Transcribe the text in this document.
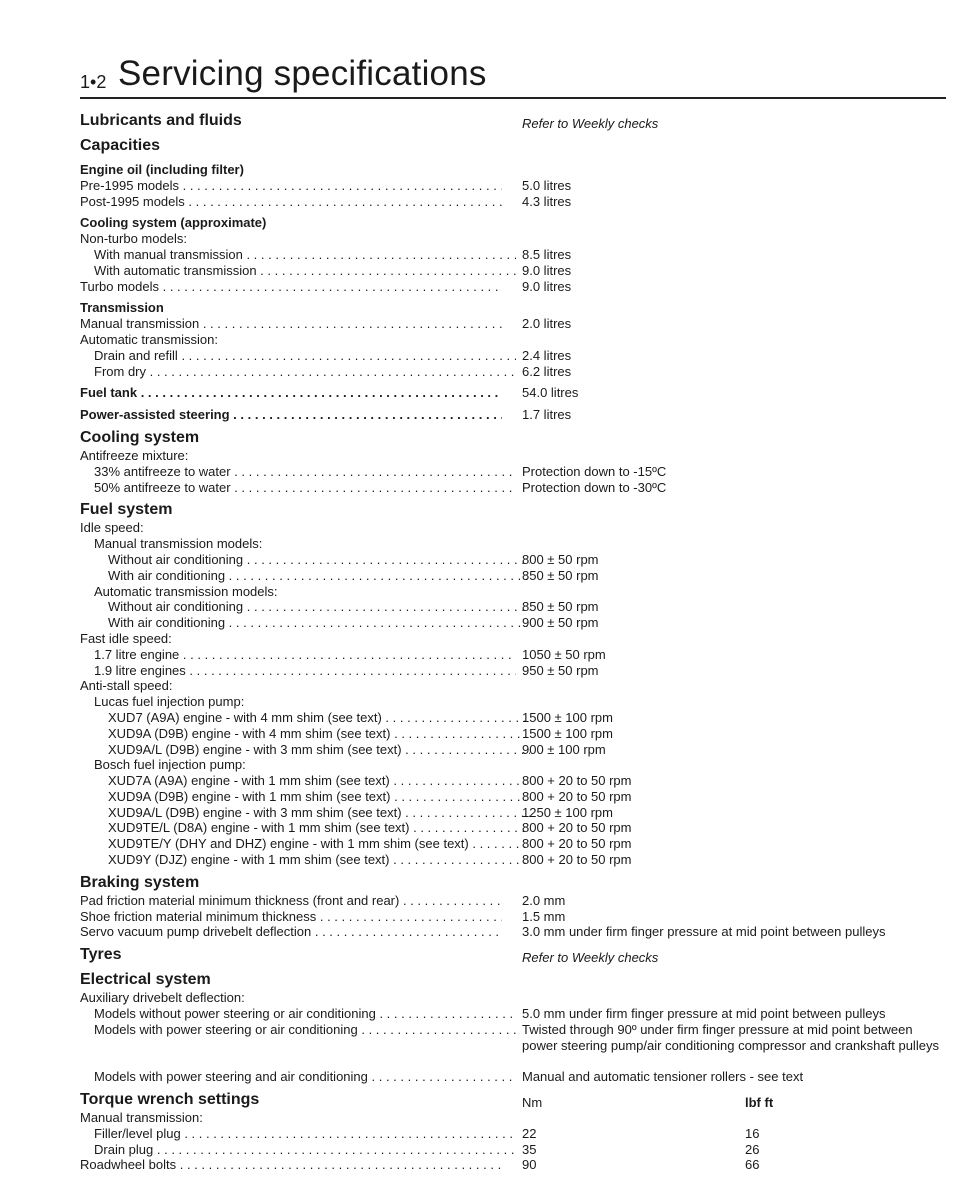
1•2 Servicing specifications
Lubricants and fluids	Refer to Weekly checks
Capacities
Engine oil (including filter)
Pre-1995 models . . .	5.0 litres
Post-1995 models . . .	4.3 litres
Cooling system (approximate)
Non-turbo models:
With manual transmission . . .	8.5 litres
With automatic transmission . . .	9.0 litres
Turbo models . . .	9.0 litres
Transmission
Manual transmission . . .	2.0 litres
Automatic transmission:
Drain and refill . . .	2.4 litres
From dry . . .	6.2 litres
Fuel tank . . .	54.0 litres
Power-assisted steering . . .	1.7 litres
Cooling system
Antifreeze mixture:
33% antifreeze to water . . .	Protection down to -15ºC
50% antifreeze to water . . .	Protection down to -30ºC
Fuel system
Idle speed:
Manual transmission models:
Without air conditioning . . .	800 ± 50 rpm
With air conditioning . . .	850 ± 50 rpm
Automatic transmission models:
Without air conditioning . . .	850 ± 50 rpm
With air conditioning . . .	900 ± 50 rpm
Fast idle speed:
1.7 litre engine . . .	1050 ± 50 rpm
1.9 litre engines . . .	950 ± 50 rpm
Anti-stall speed:
Lucas fuel injection pump:
XUD7 (A9A) engine - with 4 mm shim (see text) . . .	1500 ± 100 rpm
XUD9A (D9B) engine - with 4 mm shim (see text) . . .	1500 ± 100 rpm
XUD9A/L (D9B) engine - with 3 mm shim (see text) . . .	900 ± 100 rpm
Bosch fuel injection pump:
XUD7A (A9A) engine - with 1 mm shim (see text) . . .	800 + 20 to 50 rpm
XUD9A (D9B) engine - with 1 mm shim (see text) . . .	800 + 20 to 50 rpm
XUD9A/L (D9B) engine - with 3 mm shim (see text) . . .	1250 ± 100 rpm
XUD9TE/L (D8A) engine - with 1 mm shim (see text) . . .	800 + 20 to 50 rpm
XUD9TE/Y (DHY and DHZ) engine - with 1 mm shim (see text) . . .	800 + 20 to 50 rpm
XUD9Y (DJZ) engine - with 1 mm shim (see text) . . .	800 + 20 to 50 rpm
Braking system
Pad friction material minimum thickness (front and rear) . . .	2.0 mm
Shoe friction material minimum thickness . . .	1.5 mm
Servo vacuum pump drivebelt deflection . . .	3.0 mm under firm finger pressure at mid point between pulleys
Tyres	Refer to Weekly checks
Electrical system
Auxiliary drivebelt deflection:
Models without power steering or air conditioning . . .	5.0 mm under firm finger pressure at mid point between pulleys
Models with power steering or air conditioning . . .	Twisted through 90º under firm finger pressure at mid point between power steering pump/air conditioning compressor and crankshaft pulleys
Models with power steering and air conditioning . . .	Manual and automatic tensioner rollers - see text
Torque wrench settings	Nm	lbf ft
Manual transmission:
Filler/level plug . . .	22	16
Drain plug . . .	35	26
Roadwheel bolts . . .	90	66
